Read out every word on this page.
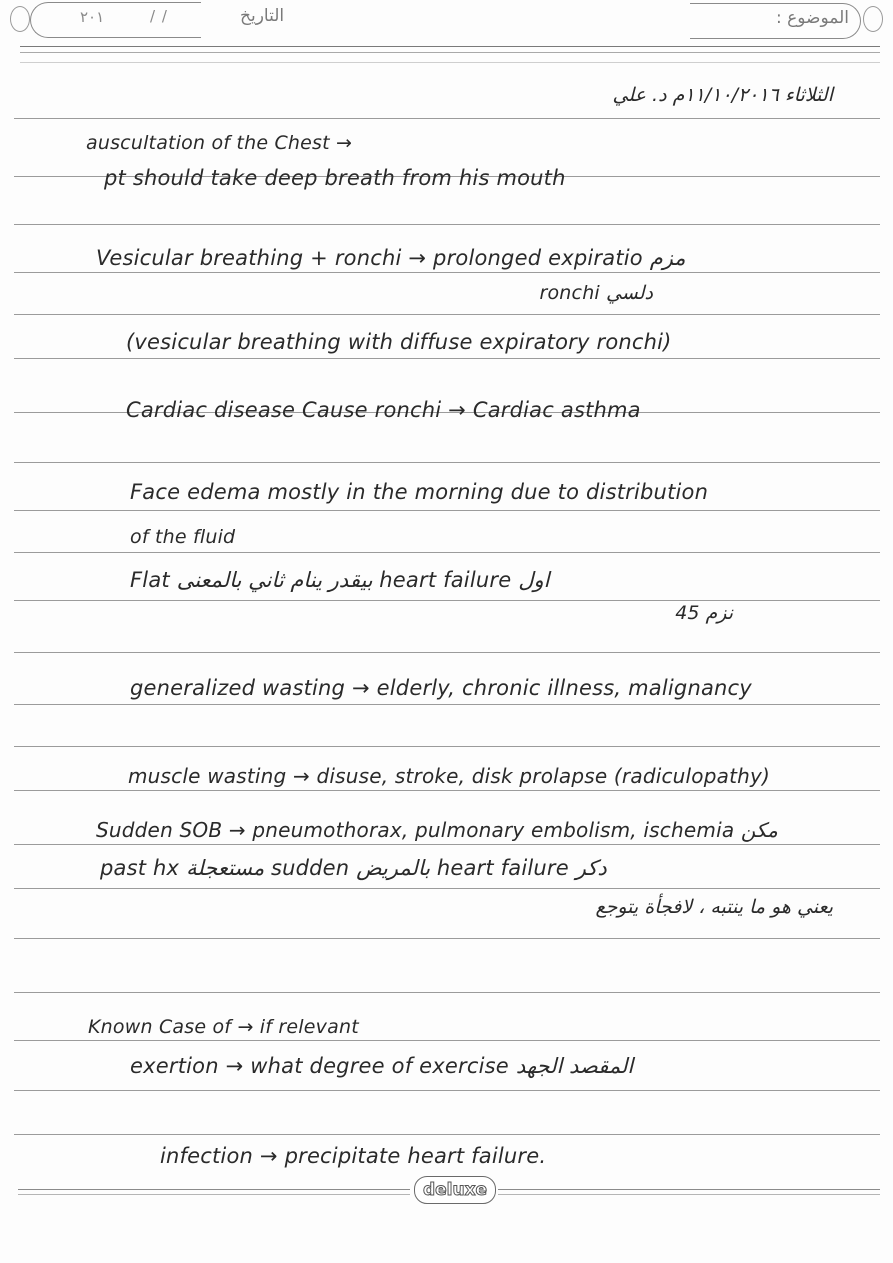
٢٠١	/ /	التاريخ	الموضوع :
الثلاثاء ١١/١٠/٢٠١٦م د. علي
auscultation of the Chest →
pt should take deep breath from his mouth
Vesicular breathing + ronchi → prolonged expiratio مزم
دلسي ronchi
(vesicular breathing with diffuse expiratory ronchi)
Cardiac disease Cause ronchi → Cardiac asthma
Face edema mostly in the morning due to distribution
of the fluid
Flat بيقدر ينام ثاني بالمعنى heart failure اول
نزم 45
generalized wasting → elderly, chronic illness, malignancy
muscle wasting → disuse, stroke, disk prolapse (radiculopathy)
Sudden SOB → pneumothorax, pulmonary embolism, ischemia مكن
past hx مستعجلة sudden بالمريض heart failure دكر
يعني هو ما ينتبه ، لافجأة يتوجع
Known Case of → if relevant
exertion → what degree of exercise المقصد الجهد
infection → precipitate heart failure.
deluxe
